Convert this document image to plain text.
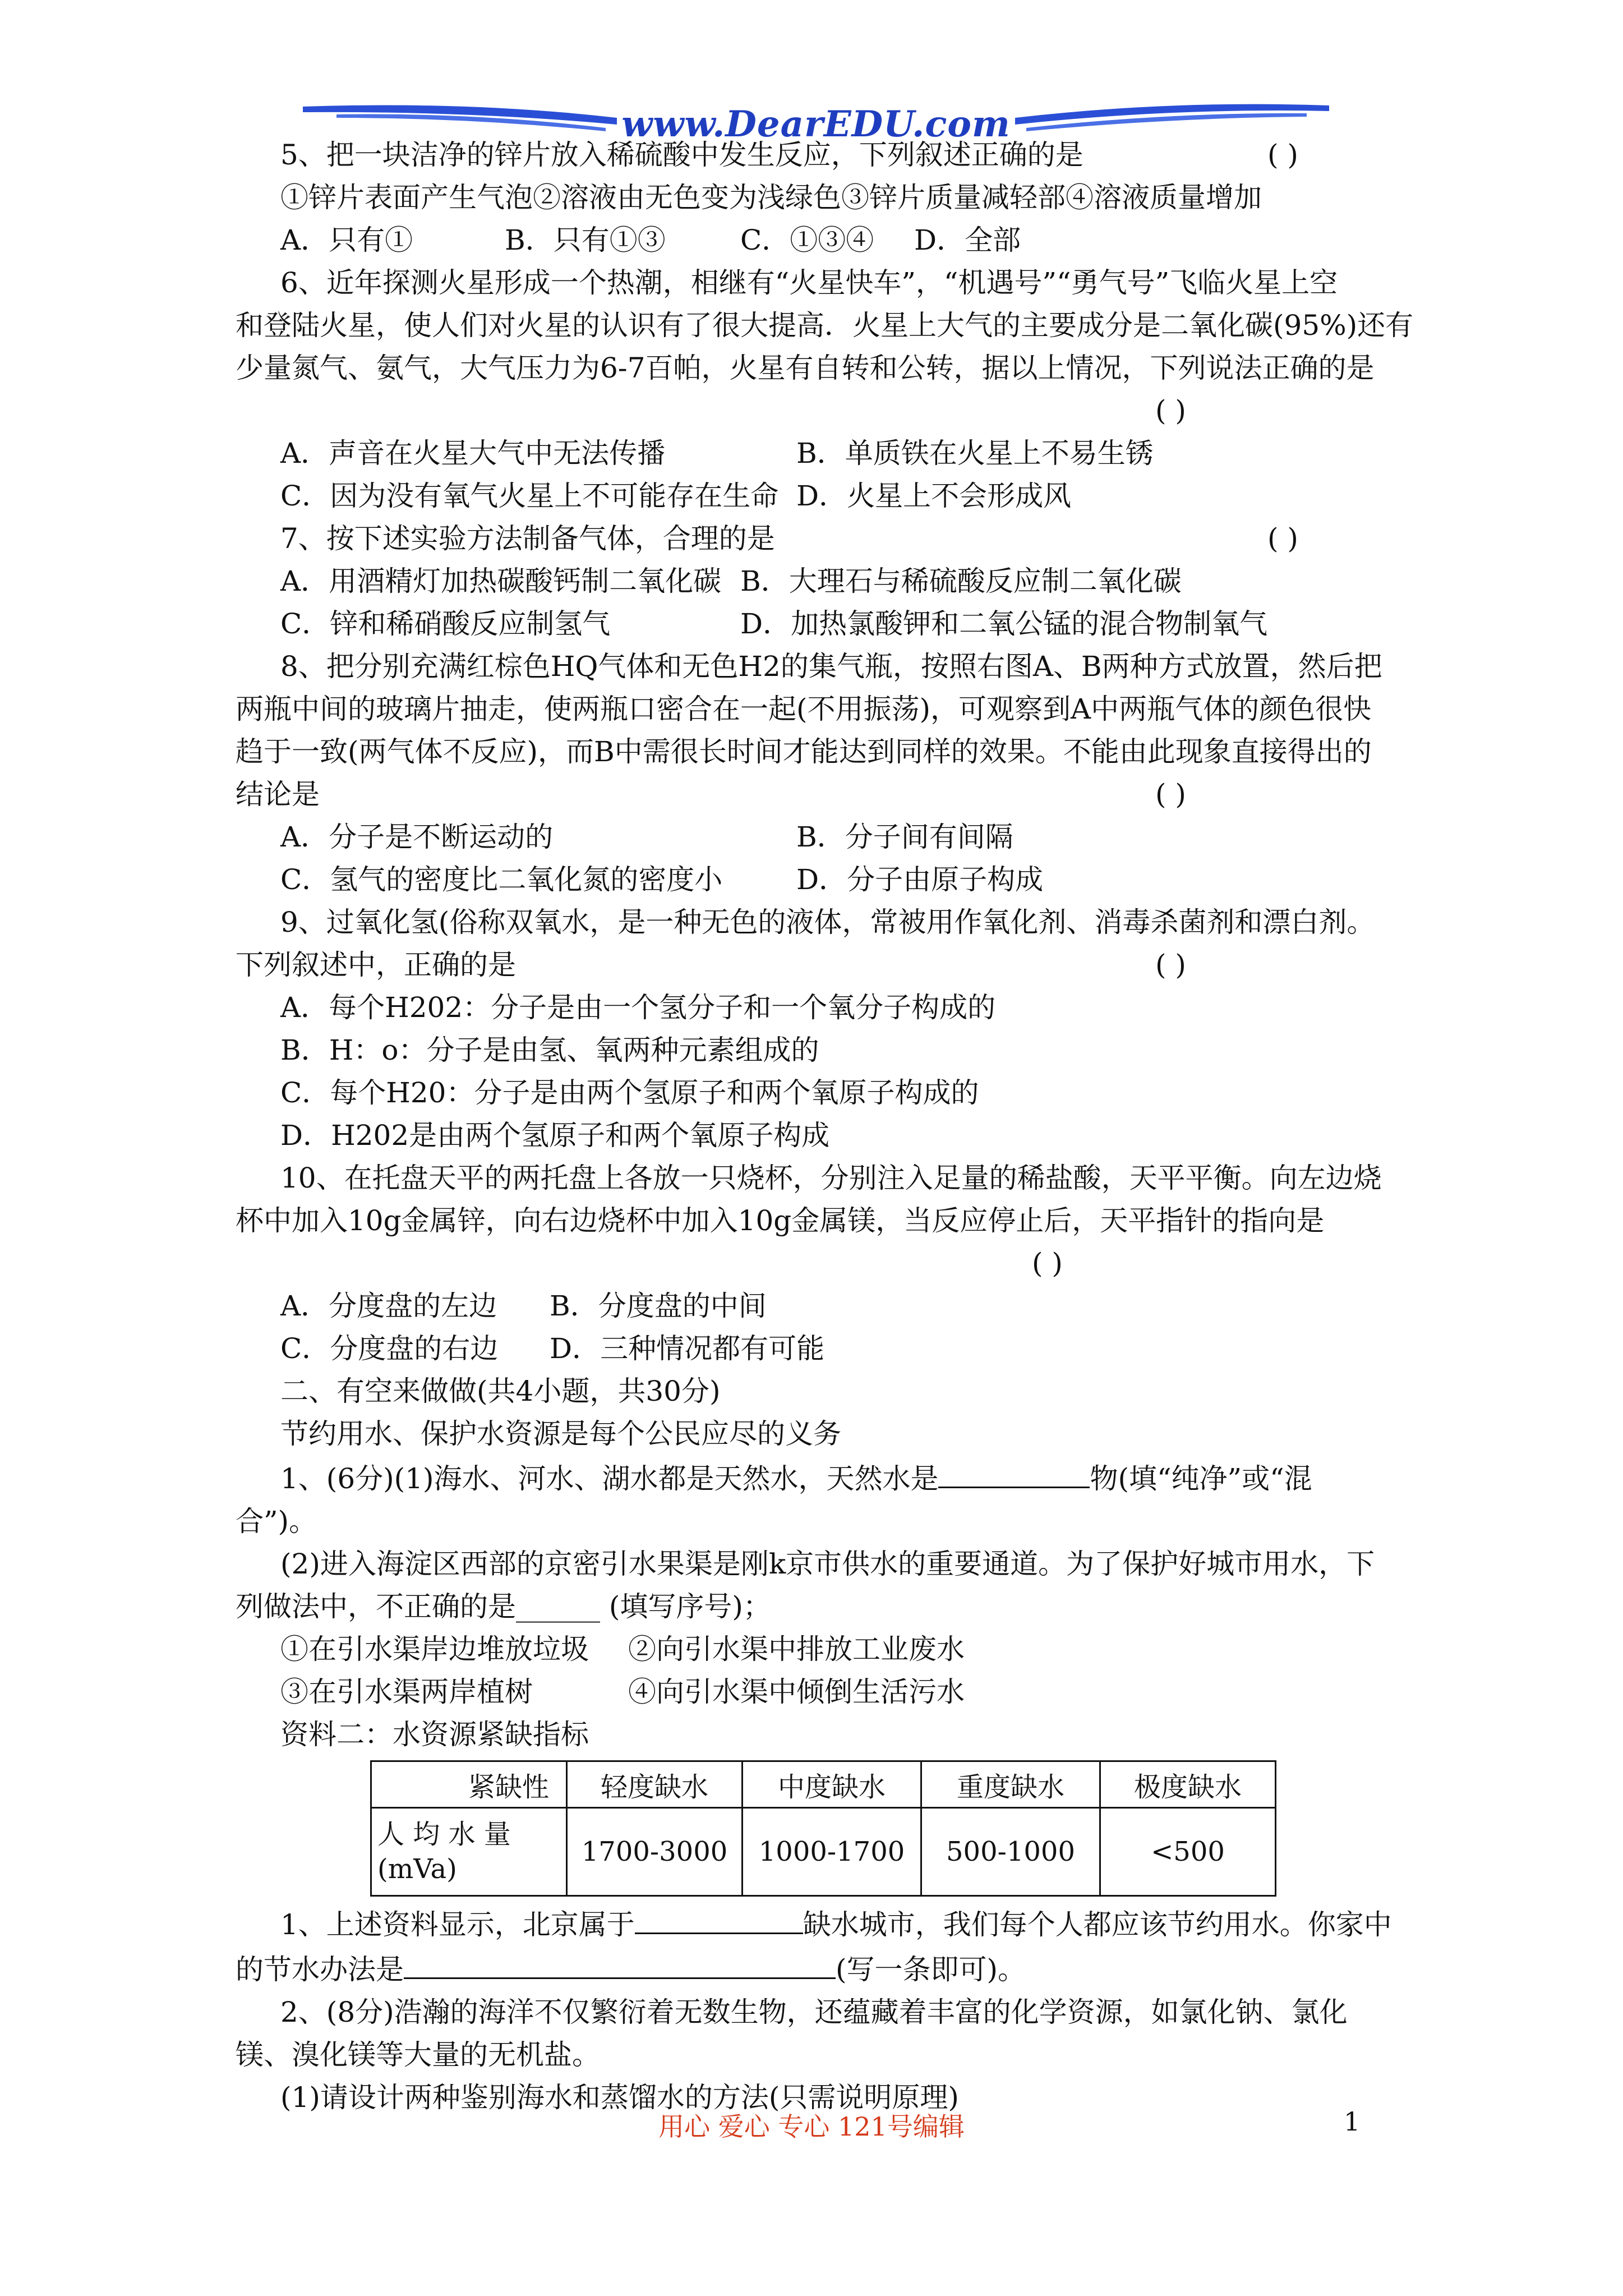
www.DearEDU.com
5、把一块洁净的锌片放入稀硫酸中发生反应，下列叙述正确的是	( )

①锌片表面产生气泡②溶液由无色变为浅绿色③锌片质量减轻部④溶液质量增加

A．只有①	B．只有①③	C．①③④ D．全部

6、近年探测火星形成一个热潮，相继有“火星快车”，“机遇号”“勇气号”飞临火星上空

和登陆火星，使人们对火星的认识有了很大提高．火星上大气的主要成分是二氧化碳(95%)还有

少量氮气、氨气，大气压力为6-7百帕，火星有自转和公转，据以上情况，下列说法正确的是

( )
A．声音在火星大气中无法传播	B．单质铁在火星上不易生锈
C．因为没有氧气火星上不可能存在生命 D．火星上不会形成风
7、按下述实验方法制备气体，合理的是	( )
A．用酒精灯加热碳酸钙制二氧化碳 B．大理石与稀硫酸反应制二氧化碳
C．锌和稀硝酸反应制氢气	D．加热氯酸钾和二氧公锰的混合物制氧气

8、把分别充满红棕色HQ气体和无色H2的集气瓶，按照右图A、B两种方式放置，然后把

两瓶中间的玻璃片抽走，使两瓶口密合在一起(不用振荡)，可观察到A中两瓶气体的颜色很快

趋于一致(两气体不反应)，而B中需很长时间才能达到同样的效果。不能由此现象直接得出的

结论是	( )
A．分子是不断运动的	B．分子间有间隔
C．氢气的密度比二氧化氮的密度小	D．分子由原子构成

9、过氧化氢(俗称双氧水，是一种无色的液体，常被用作氧化剂、消毒杀菌剂和漂白剂。

下列叙述中，正确的是	( )

A．每个H202：分子是由一个氢分子和一个氧分子构成的

B．H：o：分子是由氢、氧两种元素组成的

C．每个H20：分子是由两个氢原子和两个氧原子构成的

D．H202是由两个氢原子和两个氧原子构成

10、在托盘天平的两托盘上各放一只烧杯，分别注入足量的稀盐酸，天平平衡。向左边烧

杯中加入10g金属锌，向右边烧杯中加入10g金属镁，当反应停止后，天平指针的指向是

( )
A．分度盘的左边 B．分度盘的中间
C．分度盘的右边 D．三种情况都有可能

二、有空来做做(共4小题，共30分)

节约用水、保护水资源是每个公民应尽的义务

1、(6分)(1)海水、河水、湖水都是天然水，天然水是	物(填“纯净”或“混

合”)。

(2)进入海淀区西部的京密引水果渠是刚k京市供水的重要通道。为了保护好城市用水，下

列做法中，不正确的是______ (填写序号)；

①在引水渠岸边堆放垃圾 ②向引水渠中排放工业废水
③在引水渠两岸植树	④向引水渠中倾倒生活污水

资料二：水资源紧缺指标

紧缺性	轻度缺水	中度缺水	重度缺水	极度缺水
人 均 水 量
(mVa)	1700-3000	1000-1700	500-1000	<500

1、上述资料显示，北京属于	缺水城市，我们每个人都应该节约用水。你家中

的节水办法是	(写一条即可)。

2、(8分)浩瀚的海洋不仅繁衍着无数生物，还蕴藏着丰富的化学资源，如氯化钠、氯化

镁、溴化镁等大量的无机盐。

(1)请设计两种鉴别海水和蒸馏水的方法(只需说明原理)

用心 爱心 专心 121号编辑	1
